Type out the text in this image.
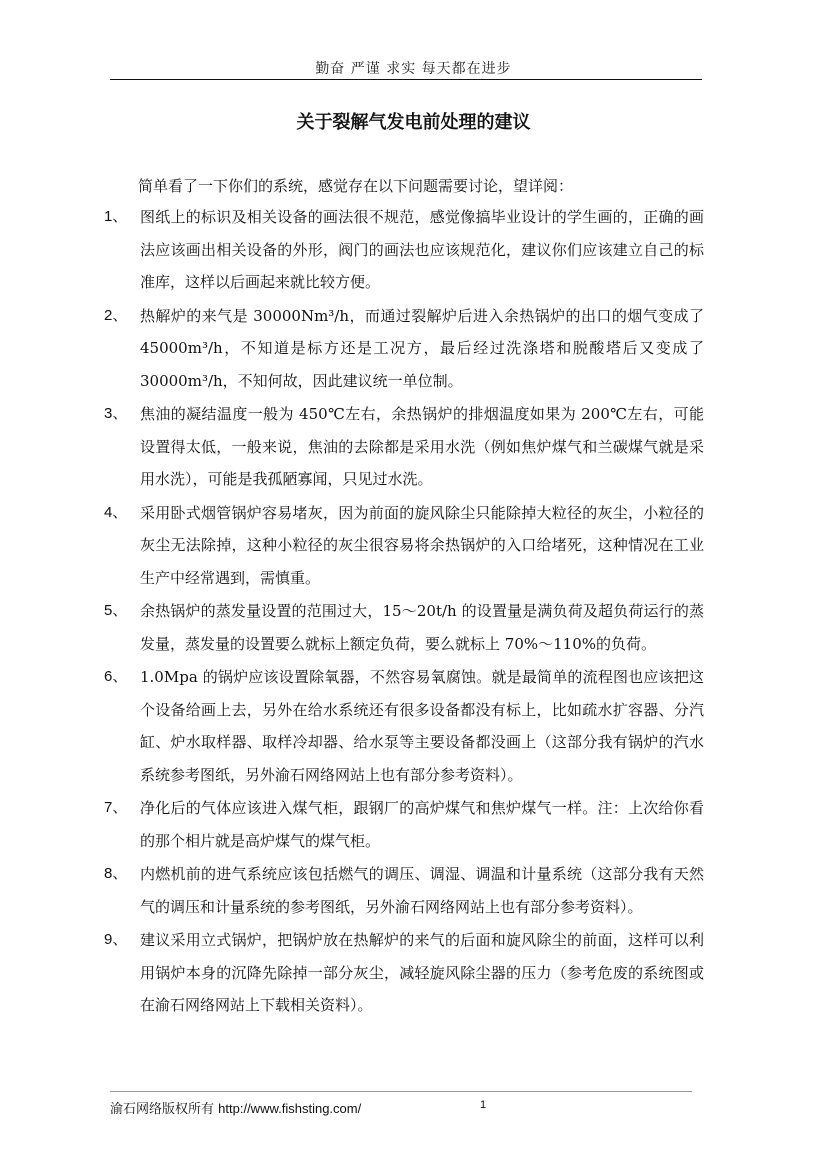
勤奋 严谨 求实 每天都在进步
关于裂解气发电前处理的建议
简单看了一下你们的系统，感觉存在以下问题需要讨论，望详阅：
1、 图纸上的标识及相关设备的画法很不规范，感觉像搞毕业设计的学生画的，正确的画法应该画出相关设备的外形，阀门的画法也应该规范化，建议你们应该建立自己的标准库，这样以后画起来就比较方便。
2、 热解炉的来气是 30000Nm³/h，而通过裂解炉后进入余热锅炉的出口的烟气变成了 45000m³/h，不知道是标方还是工况方，最后经过洗涤塔和脱酸塔后又变成了 30000m³/h，不知何故，因此建议统一单位制。
3、 焦油的凝结温度一般为 450℃左右，余热锅炉的排烟温度如果为 200℃左右，可能设置得太低，一般来说，焦油的去除都是采用水洗（例如焦炉煤气和兰碳煤气就是采用水洗），可能是我孤陋寡闻，只见过水洗。
4、 采用卧式烟管锅炉容易堵灰，因为前面的旋风除尘只能除掉大粒径的灰尘，小粒径的灰尘无法除掉，这种小粒径的灰尘很容易将余热锅炉的入口给堵死，这种情况在工业生产中经常遇到，需慎重。
5、 余热锅炉的蒸发量设置的范围过大，15～20t/h 的设置量是满负荷及超负荷运行的蒸发量，蒸发量的设置要么就标上额定负荷，要么就标上 70%～110%的负荷。
6、 1.0Mpa 的锅炉应该设置除氧器，不然容易氧腐蚀。就是最简单的流程图也应该把这个设备给画上去，另外在给水系统还有很多设备都没有标上，比如疏水扩容器、分汽缸、炉水取样器、取样冷却器、给水泵等主要设备都没画上（这部分我有锅炉的汽水系统参考图纸，另外渝石网络网站上也有部分参考资料）。
7、 净化后的气体应该进入煤气柜，跟钢厂的高炉煤气和焦炉煤气一样。注：上次给你看的那个相片就是高炉煤气的煤气柜。
8、 内燃机前的进气系统应该包括燃气的调压、调湿、调温和计量系统（这部分我有天然气的调压和计量系统的参考图纸，另外渝石网络网站上也有部分参考资料）。
9、 建议采用立式锅炉，把锅炉放在热解炉的来气的后面和旋风除尘的前面，这样可以利用锅炉本身的沉降先除掉一部分灰尘，减轻旋风除尘器的压力（参考危废的系统图或在渝石网络网站上下载相关资料）。
渝石网络版权所有 http://www.fishsting.com/	1
